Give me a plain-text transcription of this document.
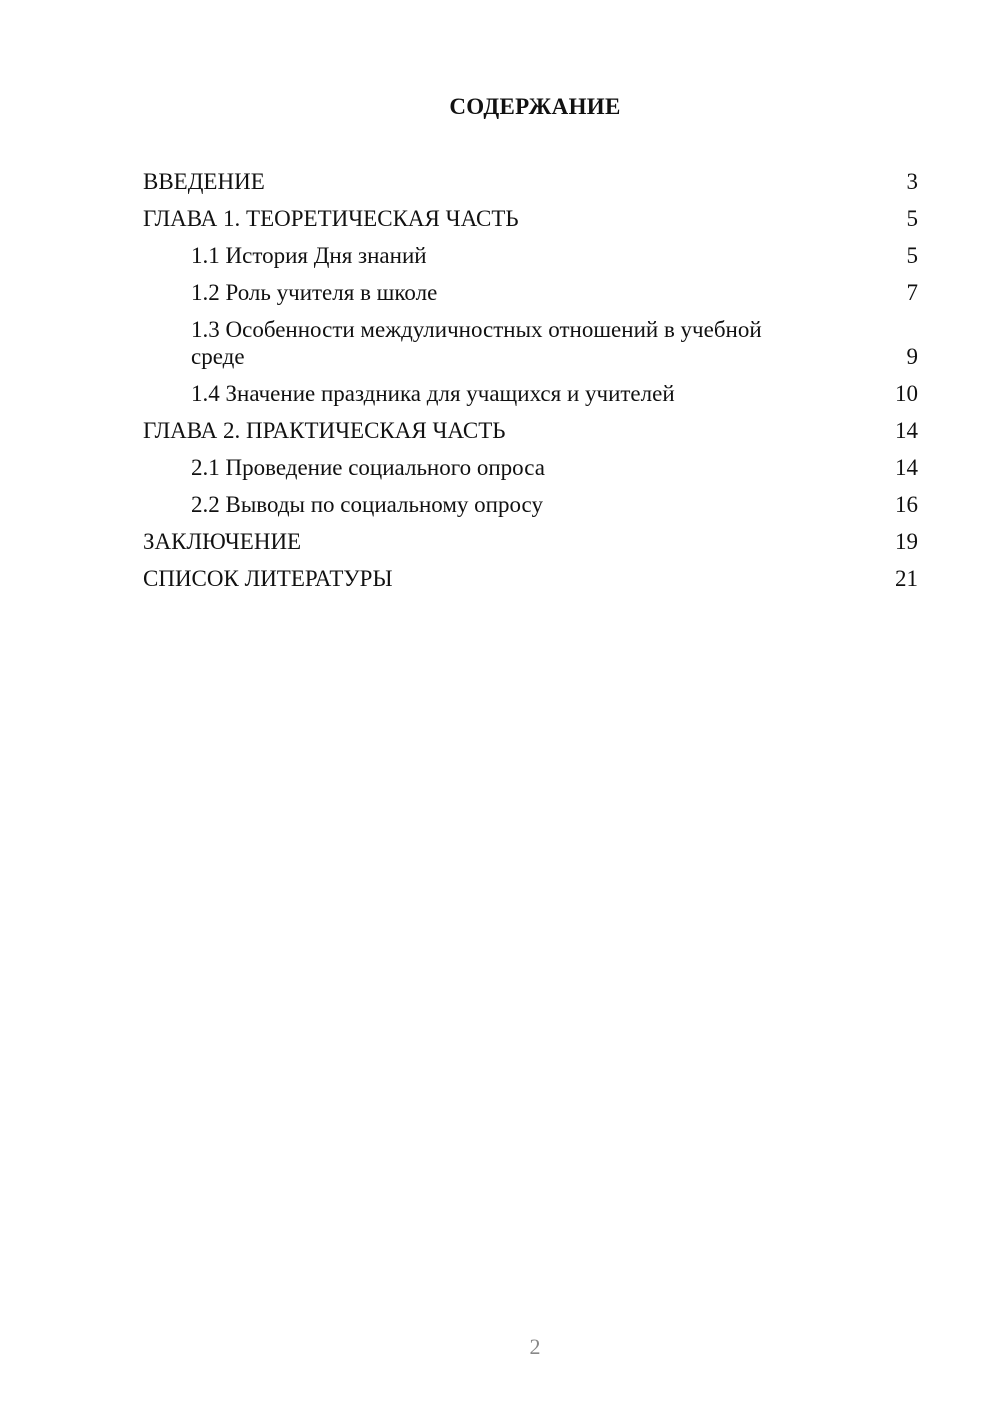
СОДЕРЖАНИЕ
ВВЕДЕНИЕ	3
ГЛАВА 1. ТЕОРЕТИЧЕСКАЯ ЧАСТЬ	5
1.1 История Дня знаний	5
1.2 Роль учителя в школе	7
1.3 Особенности междуличностных отношений в учебной среде	9
1.4 Значение праздника для учащихся и учителей	10
ГЛАВА 2. ПРАКТИЧЕСКАЯ ЧАСТЬ	14
2.1 Проведение социального опроса	14
2.2 Выводы по социальному опросу	16
ЗАКЛЮЧЕНИЕ	19
СПИСОК ЛИТЕРАТУРЫ	21
2
